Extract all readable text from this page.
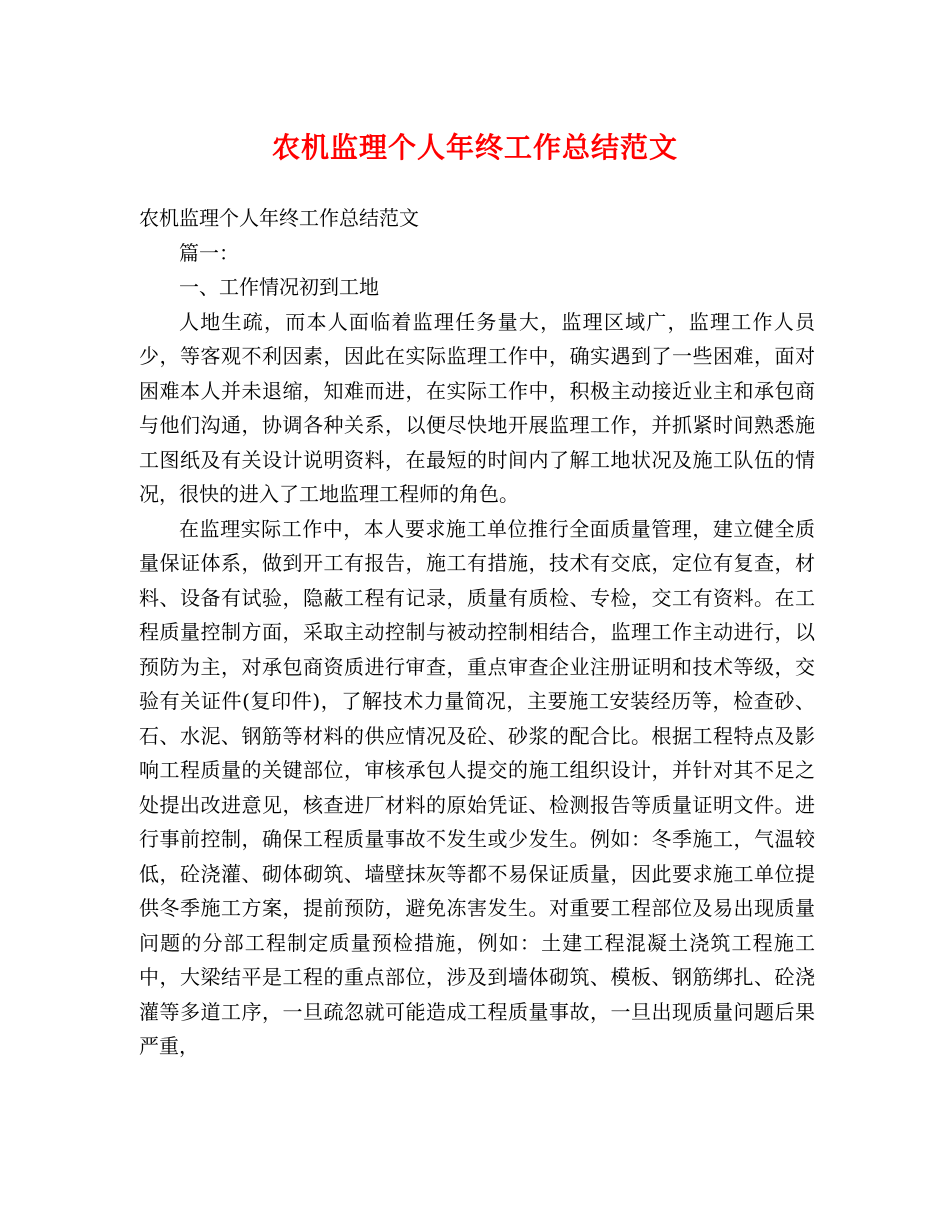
农机监理个人年终工作总结范文

农机监理个人年终工作总结范文

篇一：

一、工作情况初到工地

人地生疏，而本人面临着监理任务量大，监理区域广，监理工作人员少，等客观不利因素，因此在实际监理工作中，确实遇到了一些困难，面对困难本人并未退缩，知难而进，在实际工作中，积极主动接近业主和承包商与他们沟通，协调各种关系，以便尽快地开展监理工作，并抓紧时间熟悉施工图纸及有关设计说明资料，在最短的时间内了解工地状况及施工队伍的情况，很快的进入了工地监理工程师的角色。

在监理实际工作中，本人要求施工单位推行全面质量管理，建立健全质量保证体系，做到开工有报告，施工有措施，技术有交底，定位有复查，材料、设备有试验，隐蔽工程有记录，质量有质检、专检，交工有资料。在工程质量控制方面，采取主动控制与被动控制相结合，监理工作主动进行，以预防为主，对承包商资质进行审查，重点审查企业注册证明和技术等级，交验有关证件(复印件)，了解技术力量简况，主要施工安装经历等，检查砂、石、水泥、钢筋等材料的供应情况及砼、砂浆的配合比。根据工程特点及影响工程质量的关键部位，审核承包人提交的施工组织设计，并针对其不足之处提出改进意见，核查进厂材料的原始凭证、检测报告等质量证明文件。进行事前控制，确保工程质量事故不发生或少发生。例如：冬季施工，气温较低，砼浇灌、砌体砌筑、墙壁抹灰等都不易保证质量，因此要求施工单位提供冬季施工方案，提前预防，避免冻害发生。对重要工程部位及易出现质量问题的分部工程制定质量预检措施，例如：土建工程混凝土浇筑工程施工中，大梁结平是工程的重点部位，涉及到墙体砌筑、模板、钢筋绑扎、砼浇灌等多道工序，一旦疏忽就可能造成工程质量事故，一旦出现质量问题后果严重，
